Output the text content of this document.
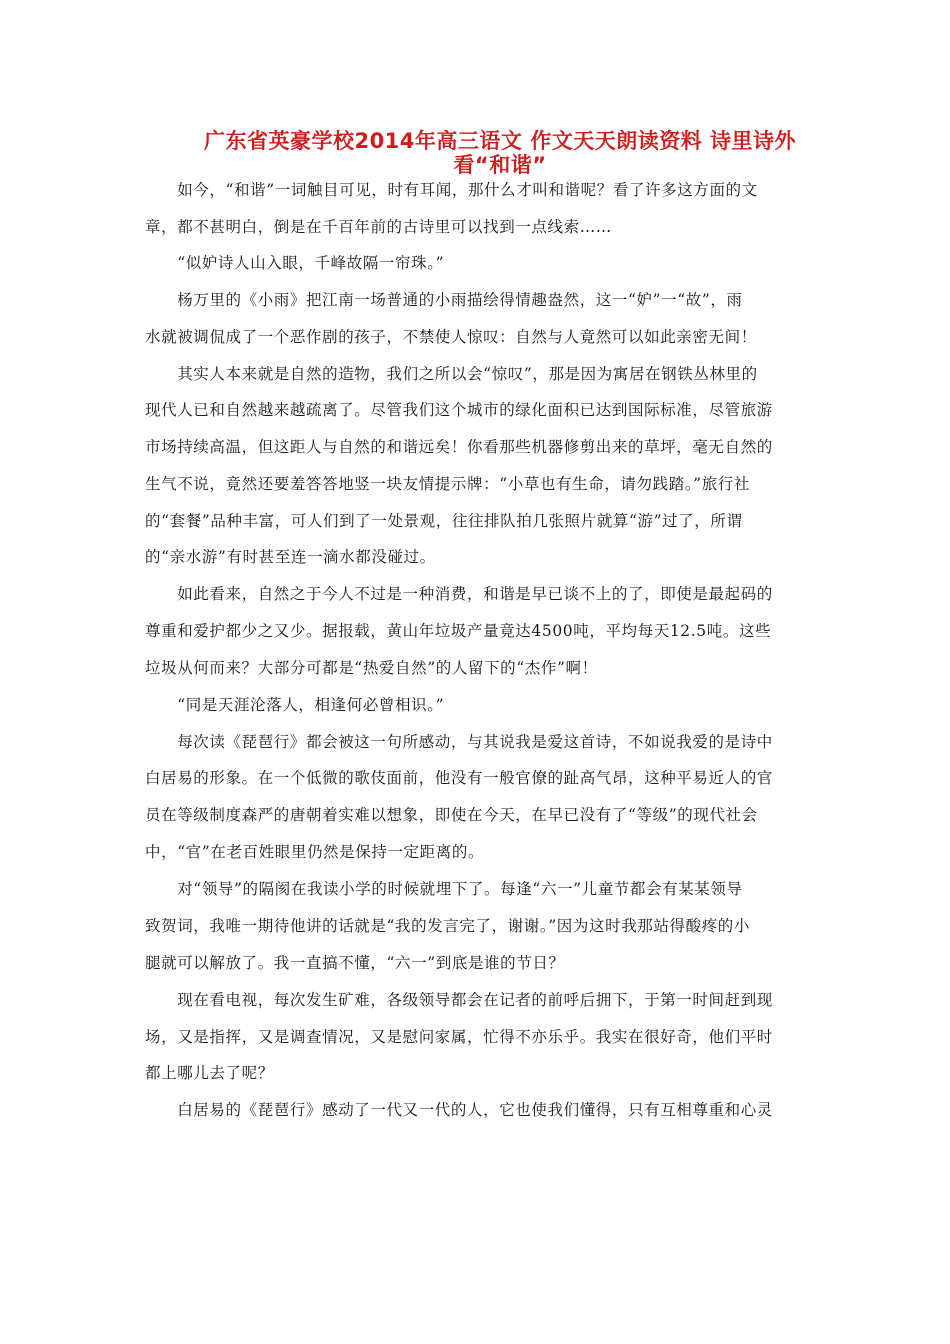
广东省英豪学校2014年高三语文 作文天天朗读资料 诗里诗外
看“和谐”
　　如今，“和谐”一词触目可见，时有耳闻，那什么才叫和谐呢？看了许多这方面的文
章，都不甚明白，倒是在千百年前的古诗里可以找到一点线索……
　　“似妒诗人山入眼，千峰故隔一帘珠。”
　　杨万里的《小雨》把江南一场普通的小雨描绘得情趣盎然，这一“妒”一“故”，雨
水就被调侃成了一个恶作剧的孩子，不禁使人惊叹：自然与人竟然可以如此亲密无间！
　　其实人本来就是自然的造物，我们之所以会“惊叹”，那是因为寓居在钢铁丛林里的
现代人已和自然越来越疏离了。尽管我们这个城市的绿化面积已达到国际标准，尽管旅游
市场持续高温，但这距人与自然的和谐远矣！你看那些机器修剪出来的草坪，毫无自然的
生气不说，竟然还要羞答答地竖一块友情提示牌：“小草也有生命，请勿践踏。”旅行社
的“套餐”品种丰富，可人们到了一处景观，往往排队拍几张照片就算“游”过了，所谓
的“亲水游”有时甚至连一滴水都没碰过。
　　如此看来，自然之于今人不过是一种消费，和谐是早已谈不上的了，即使是最起码的
尊重和爱护都少之又少。据报载，黄山年垃圾产量竟达4500吨，平均每天12.5吨。这些
垃圾从何而来？大部分可都是“热爱自然”的人留下的“杰作”啊！
　　“同是天涯沦落人，相逢何必曾相识。”
　　每次读《琵琶行》都会被这一句所感动，与其说我是爱这首诗，不如说我爱的是诗中
白居易的形象。在一个低微的歌伎面前，他没有一般官僚的趾高气昂，这种平易近人的官
员在等级制度森严的唐朝着实难以想象，即使在今天，在早已没有了“等级”的现代社会
中，“官”在老百姓眼里仍然是保持一定距离的。
　　对“领导”的隔阂在我读小学的时候就埋下了。每逢“六一”儿童节都会有某某领导
致贺词，我唯一期待他讲的话就是“我的发言完了，谢谢。”因为这时我那站得酸疼的小
腿就可以解放了。我一直搞不懂，“六一”到底是谁的节日？
　　现在看电视，每次发生矿难，各级领导都会在记者的前呼后拥下，于第一时间赶到现
场，又是指挥，又是调查情况，又是慰问家属，忙得不亦乐乎。我实在很好奇，他们平时
都上哪儿去了呢？
　　白居易的《琵琶行》感动了一代又一代的人，它也使我们懂得，只有互相尊重和心灵
